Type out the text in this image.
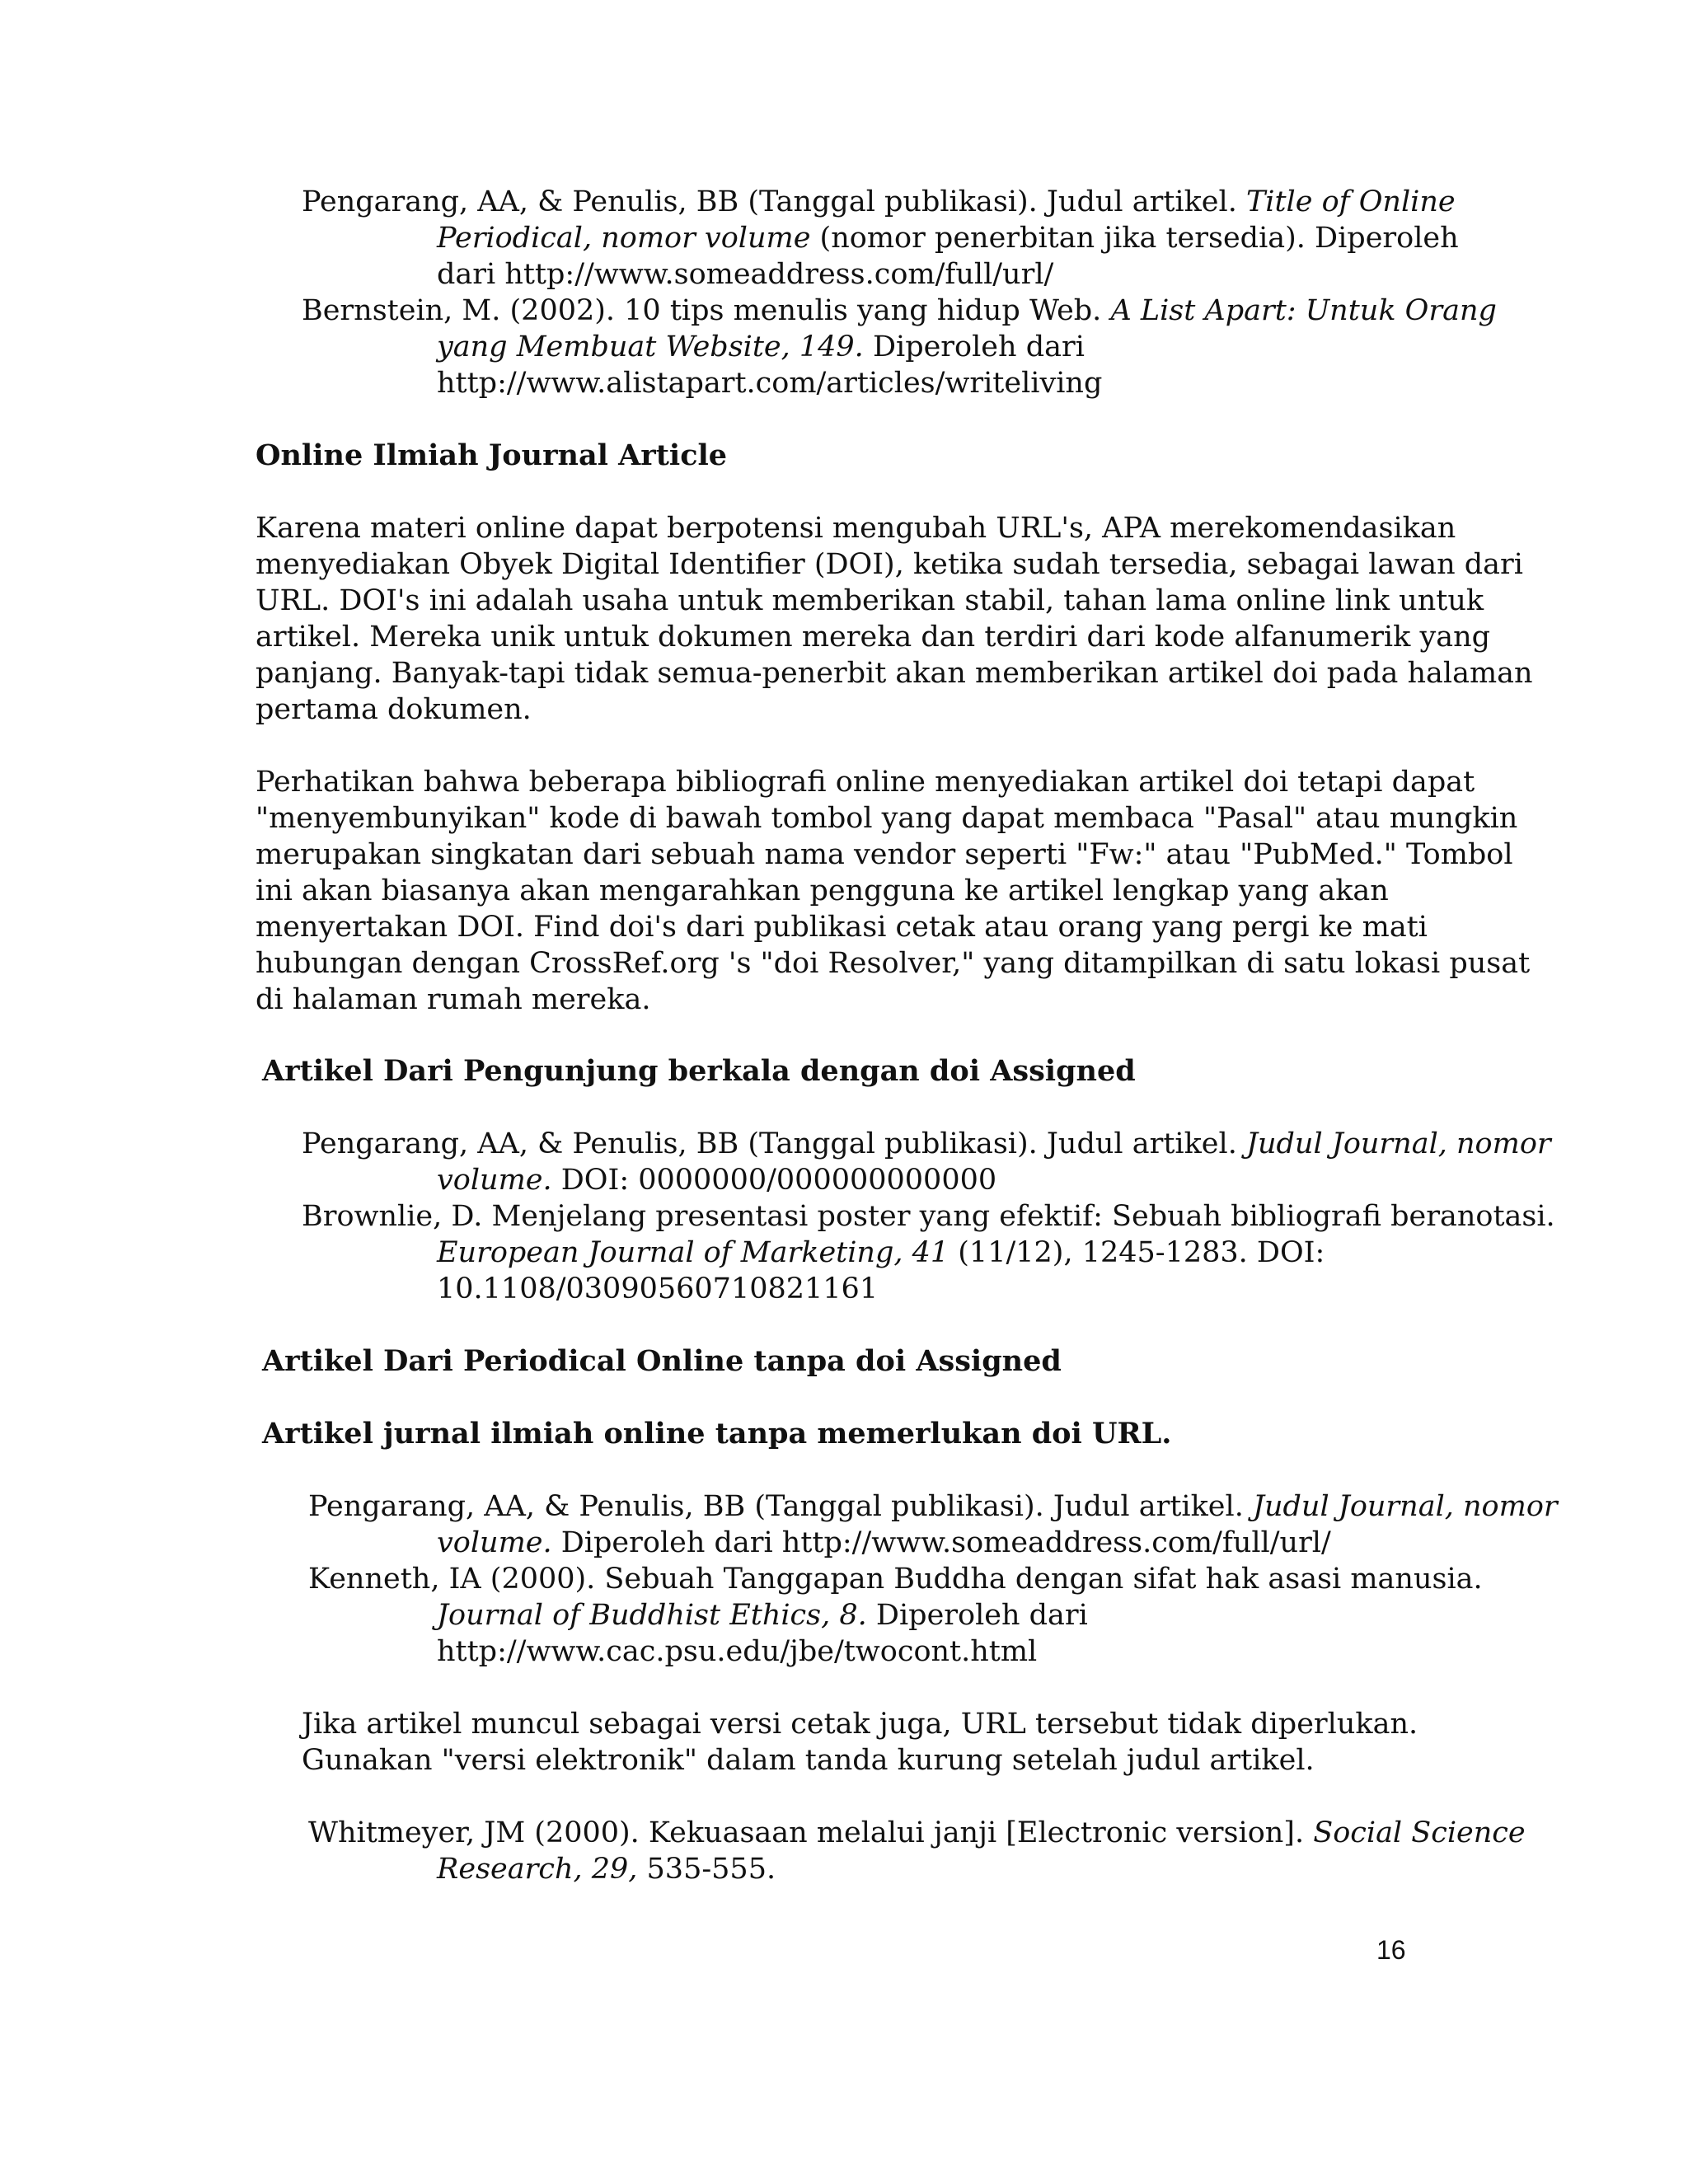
Pengarang, AA, & Penulis, BB (Tanggal publikasi). Judul artikel. Title of Online
Periodical, nomor volume (nomor penerbitan jika tersedia). Diperoleh
dari http://www.someaddress.com/full/url/
Bernstein, M. (2002). 10 tips menulis yang hidup Web. A List Apart: Untuk Orang
yang Membuat Website, 149. Diperoleh dari
http://www.alistapart.com/articles/writeliving
Online Ilmiah Journal Article
Karena materi online dapat berpotensi mengubah URL's, APA merekomendasikan
menyediakan Obyek Digital Identifier (DOI), ketika sudah tersedia, sebagai lawan dari
URL. DOI's ini adalah usaha untuk memberikan stabil, tahan lama online link untuk
artikel. Mereka unik untuk dokumen mereka dan terdiri dari kode alfanumerik yang
panjang. Banyak-tapi tidak semua-penerbit akan memberikan artikel doi pada halaman
pertama dokumen.
Perhatikan bahwa beberapa bibliografi online menyediakan artikel doi tetapi dapat
"menyembunyikan" kode di bawah tombol yang dapat membaca "Pasal" atau mungkin
merupakan singkatan dari sebuah nama vendor seperti "Fw:" atau "PubMed." Tombol
ini akan biasanya akan mengarahkan pengguna ke artikel lengkap yang akan
menyertakan DOI. Find doi's dari publikasi cetak atau orang yang pergi ke mati
hubungan dengan CrossRef.org 's "doi Resolver," yang ditampilkan di satu lokasi pusat
di halaman rumah mereka.
Artikel Dari Pengunjung berkala dengan doi Assigned
Pengarang, AA, & Penulis, BB (Tanggal publikasi). Judul artikel. Judul Journal, nomor
volume. DOI: 0000000/000000000000
Brownlie, D. Menjelang presentasi poster yang efektif: Sebuah bibliografi beranotasi.
European Journal of Marketing, 41 (11/12), 1245-1283. DOI:
10.1108/03090560710821161
Artikel Dari Periodical Online tanpa doi Assigned
Artikel jurnal ilmiah online tanpa memerlukan doi URL.
Pengarang, AA, & Penulis, BB (Tanggal publikasi). Judul artikel. Judul Journal, nomor
volume. Diperoleh dari http://www.someaddress.com/full/url/
Kenneth, IA (2000). Sebuah Tanggapan Buddha dengan sifat hak asasi manusia.
Journal of Buddhist Ethics, 8. Diperoleh dari
http://www.cac.psu.edu/jbe/twocont.html
Jika artikel muncul sebagai versi cetak juga, URL tersebut tidak diperlukan.
Gunakan "versi elektronik" dalam tanda kurung setelah judul artikel.
Whitmeyer, JM (2000). Kekuasaan melalui janji [Electronic version]. Social Science
Research, 29, 535-555.
16
